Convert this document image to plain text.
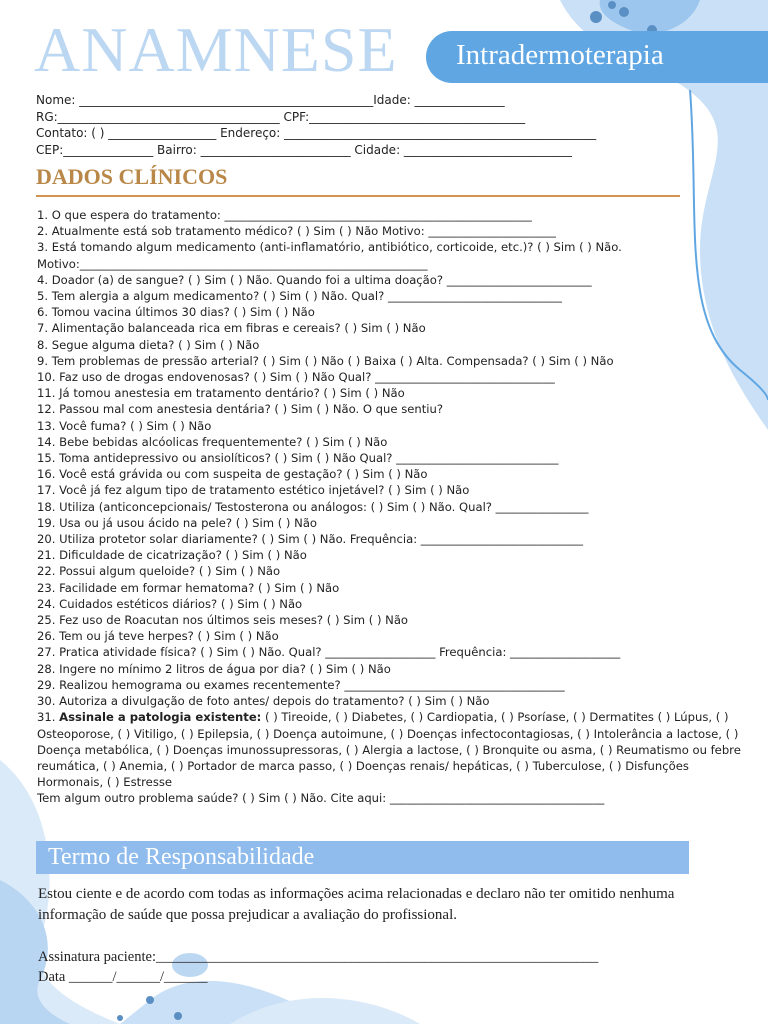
ANAMNESE Intradermoterapia
Nome: _________________________________________________Idade: _______________
RG:_____________________________________ CPF:____________________________________
Contato: ( ) __________________ Endereço: ____________________________________________________
CEP:_______________ Bairro: _________________________ Cidade: ____________________________
DADOS CLÍNICOS
1. O que espera do tratamento: _____________________________________________________
2. Atualmente está sob tratamento médico? ( ) Sim ( ) Não Motivo: ______________________
3. Está tomando algum medicamento (anti-inflamatório, antibiótico, corticoide, etc.)? ( ) Sim ( ) Não. Motivo:____________________________________________________________
4. Doador (a) de sangue? ( ) Sim ( ) Não. Quando foi a ultima doação? _________________________
5. Tem alergia a algum medicamento? ( ) Sim ( ) Não. Qual? ______________________________
6. Tomou vacina últimos 30 dias? ( ) Sim ( ) Não
7. Alimentação balanceada rica em fibras e cereais? ( ) Sim ( ) Não
8. Segue alguma dieta? ( ) Sim ( ) Não
9. Tem problemas de pressão arterial? ( ) Sim ( ) Não ( ) Baixa ( ) Alta. Compensada? ( ) Sim ( ) Não
10. Faz uso de drogas endovenosas? ( ) Sim ( ) Não Qual? _______________________________
11. Já tomou anestesia em tratamento dentário? ( ) Sim ( ) Não
12. Passou mal com anestesia dentária? ( ) Sim ( ) Não. O que sentiu?
13. Você fuma? ( ) Sim ( ) Não
14. Bebe bebidas alcóolicas frequentemente? ( ) Sim ( ) Não
15. Toma antidepressivo ou ansiolíticos? ( ) Sim ( ) Não Qual? ____________________________
16. Você está grávida ou com suspeita de gestação? ( ) Sim ( ) Não
17. Você já fez algum tipo de tratamento estético injetável? ( ) Sim ( ) Não
18. Utiliza (anticoncepcionais/ Testosterona ou análogos: ( ) Sim ( ) Não. Qual? ________________
19. Usa ou já usou ácido na pele? ( ) Sim ( ) Não
20. Utiliza protetor solar diariamente? ( ) Sim ( ) Não. Frequência: ____________________________
21. Dificuldade de cicatrização? ( ) Sim ( ) Não
22. Possui algum queloide? ( ) Sim ( ) Não
23. Facilidade em formar hematoma? ( ) Sim ( ) Não
24. Cuidados estéticos diários? ( ) Sim ( ) Não
25. Fez uso de Roacutan nos últimos seis meses? ( ) Sim ( ) Não
26. Tem ou já teve herpes? ( ) Sim ( ) Não
27. Pratica atividade física? ( ) Sim ( ) Não. Qual? ___________________ Frequência: ___________________
28. Ingere no mínimo 2 litros de água por dia? ( ) Sim ( ) Não
29. Realizou hemograma ou exames recentemente? ______________________________________
30. Autoriza a divulgação de foto antes/ depois do tratamento? ( ) Sim ( ) Não
31. Assinale a patologia existente: ( ) Tireoide, ( ) Diabetes, ( ) Cardiopatia, ( ) Psoríase, ( ) Dermatites ( ) Lúpus, ( ) Osteoporose, ( ) Vitiligo, ( ) Epilepsia, ( ) Doença autoimune, ( ) Doenças infectocontagiosas, ( ) Intolerância a lactose, ( ) Doença metabólica, ( ) Doenças imunossupressoras, ( ) Alergia a lactose, ( ) Bronquite ou asma, ( ) Reumatismo ou febre reumática, ( ) Anemia, ( ) Portador de marca passo, ( ) Doenças renais/ hepáticas, ( ) Tuberculose, ( ) Disfunções Hormonais, ( ) Estresse
Tem algum outro problema saúde? ( ) Sim ( ) Não. Cite aqui: _____________________________________
Termo de Responsabilidade
Estou ciente e de acordo com todas as informações acima relacionadas e declaro não ter omitido nenhuma informação de saúde que possa prejudicar a avaliação do profissional.
Assinatura paciente:_____________________________________________________________
Data ______/______/______
